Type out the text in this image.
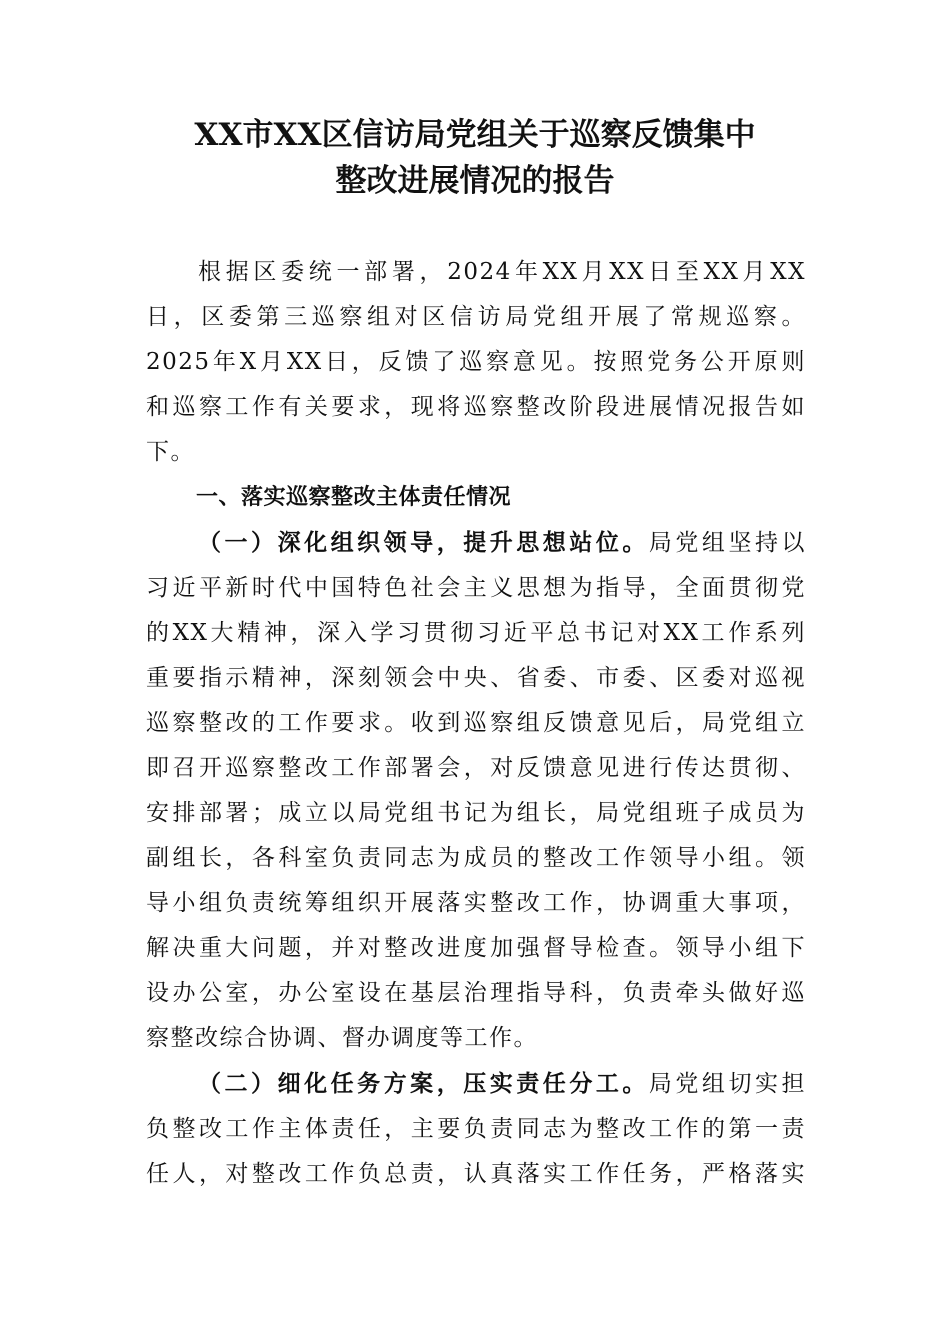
XX市XX区信访局党组关于巡察反馈集中
整改进展情况的报告
根据区委统一部署，2024年XX月XX日至XX月XX
日，区委第三巡察组对区信访局党组开展了常规巡察。
2025年X月XX日，反馈了巡察意见。按照党务公开原则
和巡察工作有关要求，现将巡察整改阶段进展情况报告如
下。
一、落实巡察整改主体责任情况
（一）深化组织领导，提升思想站位。局党组坚持以
习近平新时代中国特色社会主义思想为指导，全面贯彻党
的XX大精神，深入学习贯彻习近平总书记对XX工作系列
重要指示精神，深刻领会中央、省委、市委、区委对巡视
巡察整改的工作要求。收到巡察组反馈意见后，局党组立
即召开巡察整改工作部署会，对反馈意见进行传达贯彻、
安排部署；成立以局党组书记为组长，局党组班子成员为
副组长，各科室负责同志为成员的整改工作领导小组。领
导小组负责统筹组织开展落实整改工作，协调重大事项，
解决重大问题，并对整改进度加强督导检查。领导小组下
设办公室，办公室设在基层治理指导科，负责牵头做好巡
察整改综合协调、督办调度等工作。
（二）细化任务方案，压实责任分工。局党组切实担
负整改工作主体责任，主要负责同志为整改工作的第一责
任人，对整改工作负总责，认真落实工作任务，严格落实
